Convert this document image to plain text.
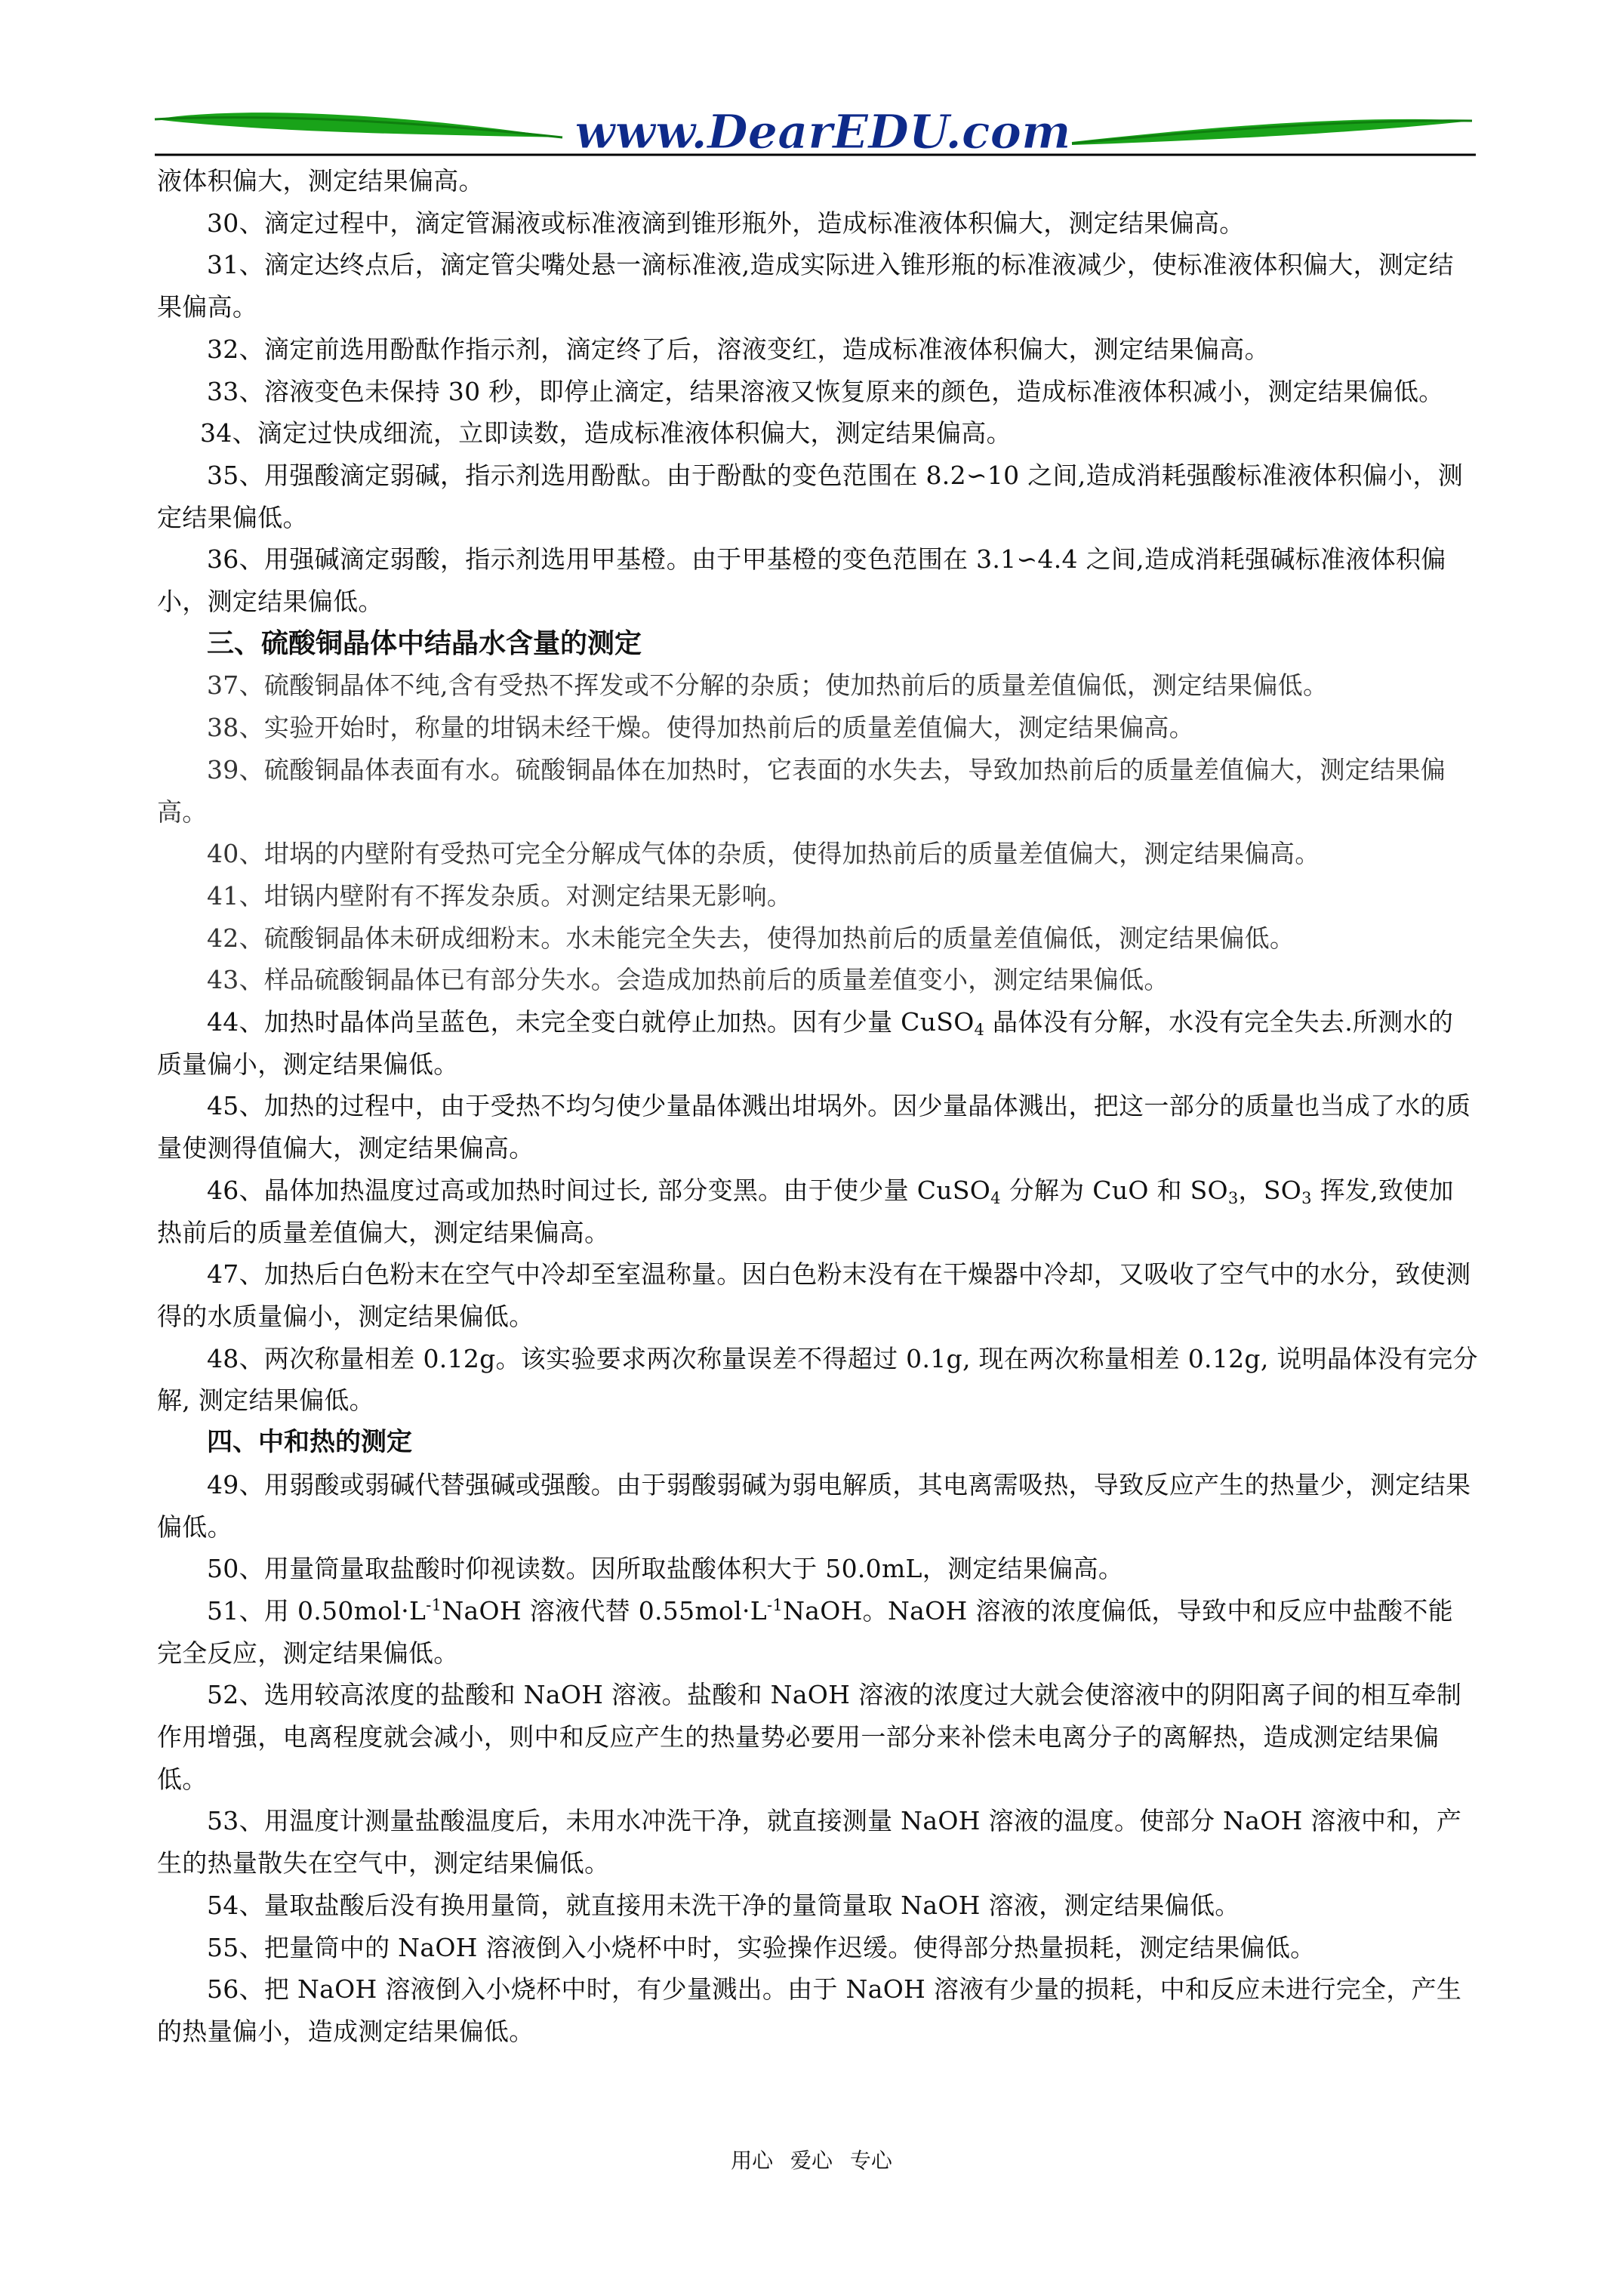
www.DearEDU.com

液体积偏大，测定结果偏高。

30、滴定过程中，滴定管漏液或标准液滴到锥形瓶外，造成标准液体积偏大，测定结果偏高。

31、滴定达终点后，滴定管尖嘴处悬一滴标准液,造成实际进入锥形瓶的标准液减少，使标准液体积偏大，测定结果偏高。

32、滴定前选用酚酞作指示剂，滴定终了后，溶液变红，造成标准液体积偏大，测定结果偏高。

33、溶液变色未保持 30 秒，即停止滴定，结果溶液又恢复原来的颜色，造成标准液体积减小，测定结果偏低。

34、滴定过快成细流，立即读数，造成标准液体积偏大，测定结果偏高。

35、用强酸滴定弱碱，指示剂选用酚酞。由于酚酞的变色范围在 8.2∽10 之间,造成消耗强酸标准液体积偏小，测定结果偏低。

36、用强碱滴定弱酸，指示剂选用甲基橙。由于甲基橙的变色范围在 3.1∽4.4 之间,造成消耗强碱标准液体积偏小，测定结果偏低。

三、硫酸铜晶体中结晶水含量的测定

37、硫酸铜晶体不纯,含有受热不挥发或不分解的杂质；使加热前后的质量差值偏低，测定结果偏低。

38、实验开始时，称量的坩锅未经干燥。使得加热前后的质量差值偏大，测定结果偏高。

39、硫酸铜晶体表面有水。硫酸铜晶体在加热时，它表面的水失去，导致加热前后的质量差值偏大，测定结果偏高。

40、坩埚的内壁附有受热可完全分解成气体的杂质，使得加热前后的质量差值偏大，测定结果偏高。

41、坩锅内壁附有不挥发杂质。对测定结果无影响。

42、硫酸铜晶体未研成细粉末。水未能完全失去，使得加热前后的质量差值偏低，测定结果偏低。

43、样品硫酸铜晶体已有部分失水。会造成加热前后的质量差值变小，测定结果偏低。

44、加热时晶体尚呈蓝色，未完全变白就停止加热。因有少量 CuSO$_4$ 晶体没有分解，水没有完全失去.所测水的质量偏小，测定结果偏低。

45、加热的过程中，由于受热不均匀使少量晶体溅出坩埚外。因少量晶体溅出，把这一部分的质量也当成了水的质量使测得值偏大，测定结果偏高。

46、晶体加热温度过高或加热时间过长, 部分变黑。由于使少量 CuSO$_4$ 分解为 CuO 和 $SO_3$，$SO_3$ 挥发,致使加热前后的质量差值偏大，测定结果偏高。

47、加热后白色粉末在空气中冷却至室温称量。因白色粉末没有在干燥器中冷却，又吸收了空气中的水分，致使测得的水质量偏小，测定结果偏低。

48、两次称量相差 0.12g。该实验要求两次称量误差不得超过 0.1g, 现在两次称量相差 0.12g, 说明晶体没有完分解, 测定结果偏低。

四、中和热的测定

49、用弱酸或弱碱代替强碱或强酸。由于弱酸弱碱为弱电解质，其电离需吸热，导致反应产生的热量少，测定结果偏低。

50、用量筒量取盐酸时仰视读数。因所取盐酸体积大于 50.0mL，测定结果偏高。

51、用 $0.50mol\cdot L^{-1}NaOH$ 溶液代替 $0.55mol\cdot L^{-1}NaOH$。NaOH 溶液的浓度偏低，导致中和反应中盐酸不能完全反应，测定结果偏低。

52、选用较高浓度的盐酸和 NaOH 溶液。盐酸和 NaOH 溶液的浓度过大就会使溶液中的阴阳离子间的相互牵制作用增强，电离程度就会减小，则中和反应产生的热量势必要用一部分来补偿未电离分子的离解热，造成测定结果偏低。

53、用温度计测量盐酸温度后，未用水冲洗干净，就直接测量 NaOH 溶液的温度。使部分 NaOH 溶液中和，产生的热量散失在空气中，测定结果偏低。

54、量取盐酸后没有换用量筒，就直接用未洗干净的量筒量取 NaOH 溶液，测定结果偏低。

55、把量筒中的 NaOH 溶液倒入小烧杯中时，实验操作迟缓。使得部分热量损耗，测定结果偏低。

56、把 NaOH 溶液倒入小烧杯中时，有少量溅出。由于 NaOH 溶液有少量的损耗，中和反应未进行完全，产生的热量偏小，造成测定结果偏低。

用心 爱心 专心
